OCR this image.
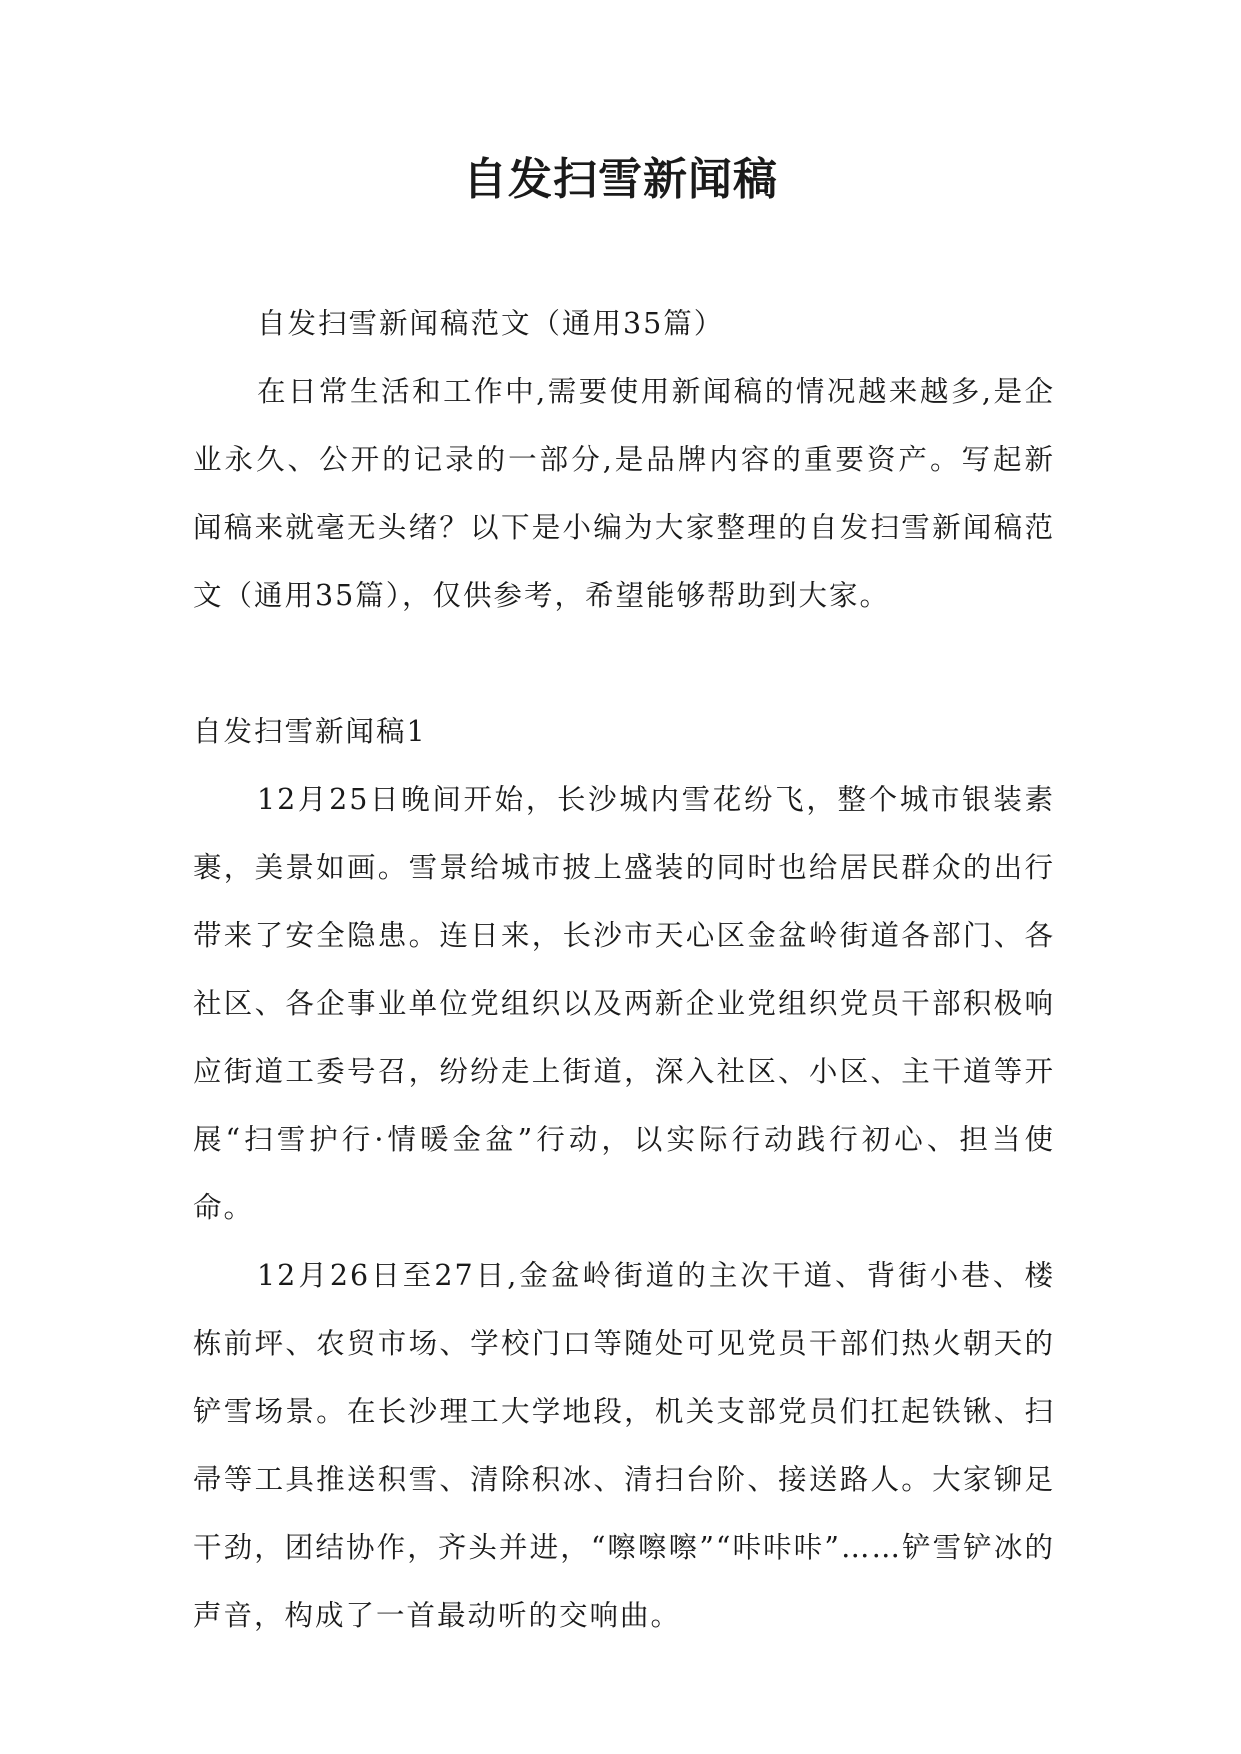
自发扫雪新闻稿

自发扫雪新闻稿范文（通用35篇）

在日常生活和工作中,需要使用新闻稿的情况越来越多,是企业永久、公开的记录的一部分,是品牌内容的重要资产。写起新闻稿来就毫无头绪？以下是小编为大家整理的自发扫雪新闻稿范文（通用35篇），仅供参考，希望能够帮助到大家。

自发扫雪新闻稿1

12月25日晚间开始，长沙城内雪花纷飞，整个城市银装素裹，美景如画。雪景给城市披上盛装的同时也给居民群众的出行带来了安全隐患。连日来，长沙市天心区金盆岭街道各部门、各社区、各企事业单位党组织以及两新企业党组织党员干部积极响应街道工委号召，纷纷走上街道，深入社区、小区、主干道等开展“扫雪护行·情暖金盆”行动，以实际行动践行初心、担当使命。

12月26日至27日,金盆岭街道的主次干道、背街小巷、楼栋前坪、农贸市场、学校门口等随处可见党员干部们热火朝天的铲雪场景。在长沙理工大学地段，机关支部党员们扛起铁锹、扫帚等工具推送积雪、清除积冰、清扫台阶、接送路人。大家铆足干劲，团结协作，齐头并进，“嚓嚓嚓”“咔咔咔”……铲雪铲冰的声音，构成了一首最动听的交响曲。
